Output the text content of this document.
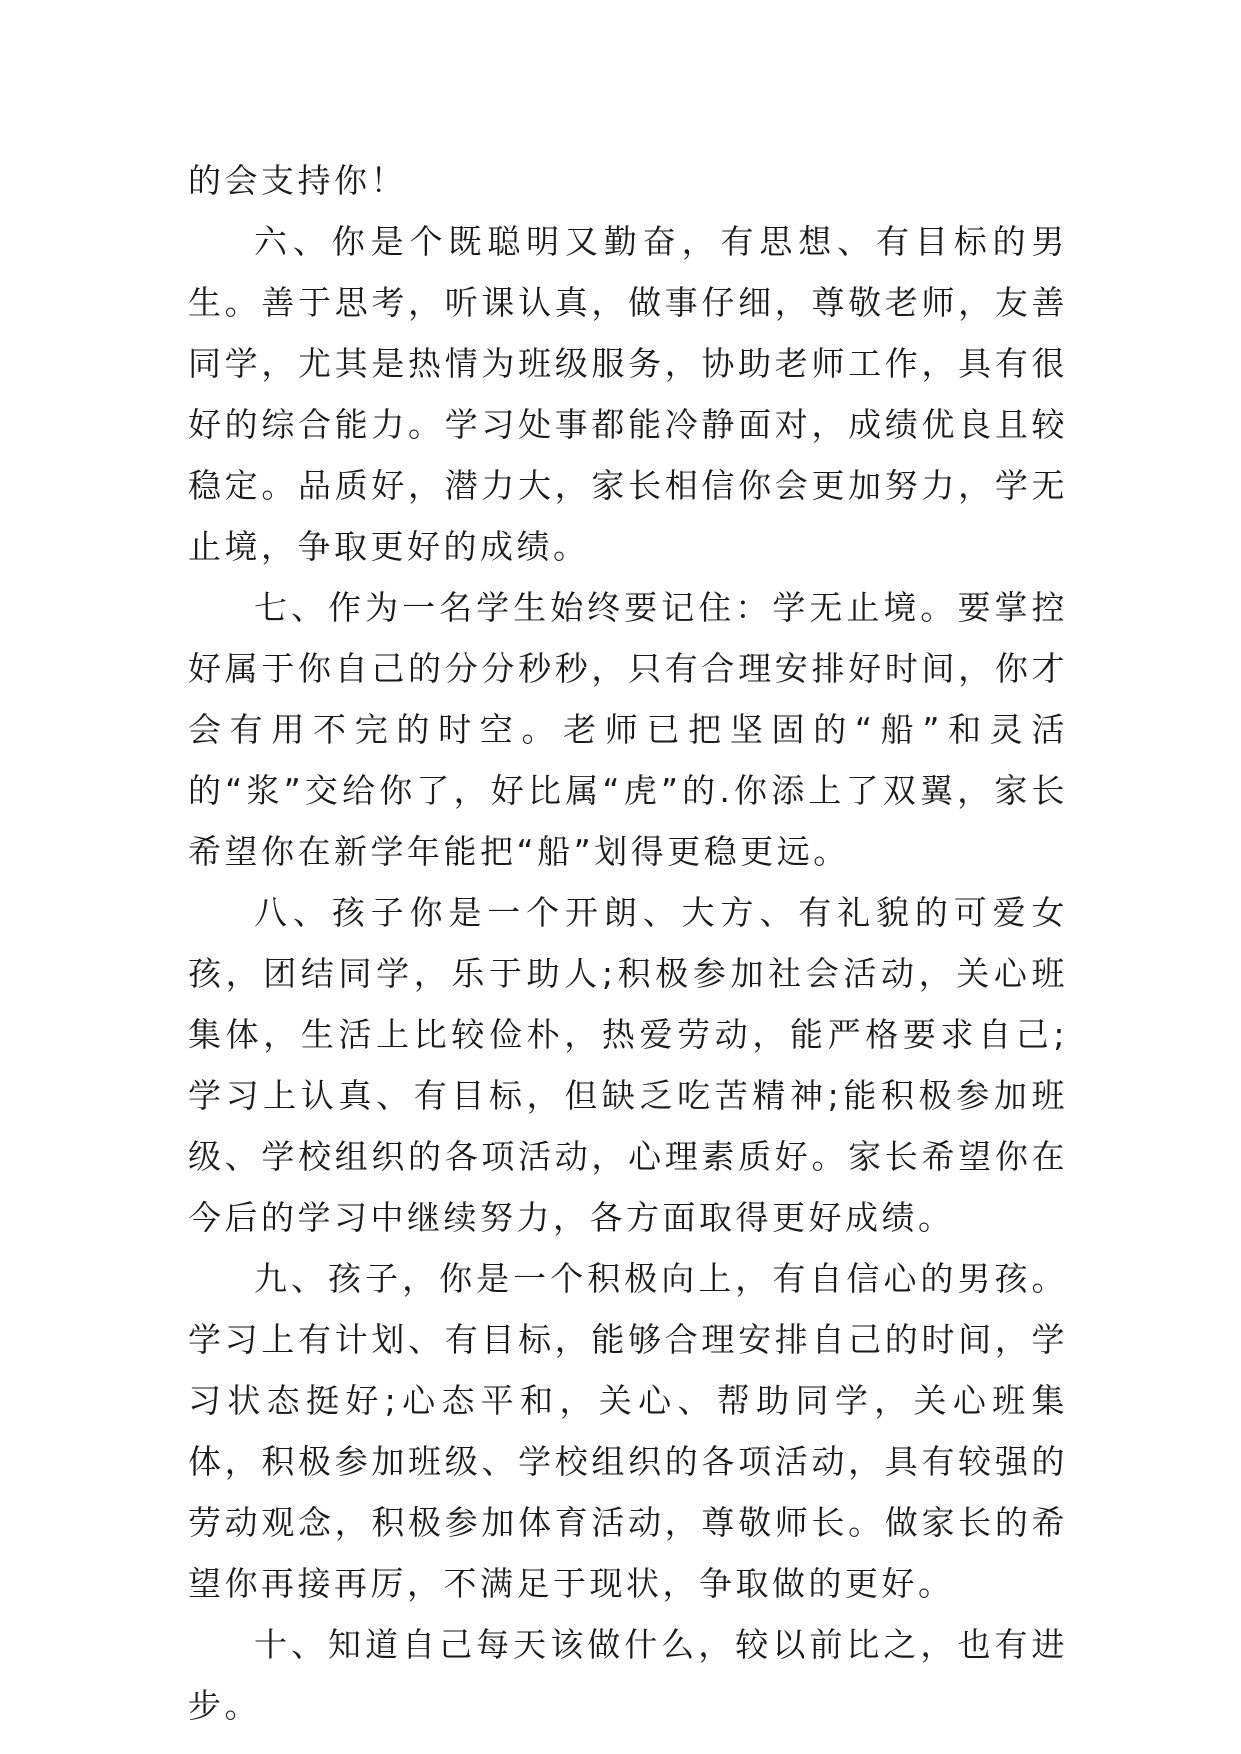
的会支持你！

六、你是个既聪明又勤奋，有思想、有目标的男生。善于思考，听课认真，做事仔细，尊敬老师，友善同学，尤其是热情为班级服务，协助老师工作，具有很好的综合能力。学习处事都能冷静面对，成绩优良且较稳定。品质好，潜力大，家长相信你会更加努力，学无止境，争取更好的成绩。

七、作为一名学生始终要记住：学无止境。要掌控好属于你自己的分分秒秒，只有合理安排好时间，你才会有用不完的时空。老师已把坚固的“船”和灵活的“浆”交给你了，好比属“虎”的.你添上了双翼，家长希望你在新学年能把“船”划得更稳更远。

八、孩子你是一个开朗、大方、有礼貌的可爱女孩，团结同学，乐于助人;积极参加社会活动，关心班集体，生活上比较俭朴，热爱劳动，能严格要求自己;学习上认真、有目标，但缺乏吃苦精神;能积极参加班级、学校组织的各项活动，心理素质好。家长希望你在今后的学习中继续努力，各方面取得更好成绩。

九、孩子，你是一个积极向上，有自信心的男孩。学习上有计划、有目标，能够合理安排自己的时间，学习状态挺好;心态平和，关心、帮助同学，关心班集体，积极参加班级、学校组织的各项活动，具有较强的劳动观念，积极参加体育活动，尊敬师长。做家长的希望你再接再厉，不满足于现状，争取做的更好。

十、知道自己每天该做什么，较以前比之，也有进步。
